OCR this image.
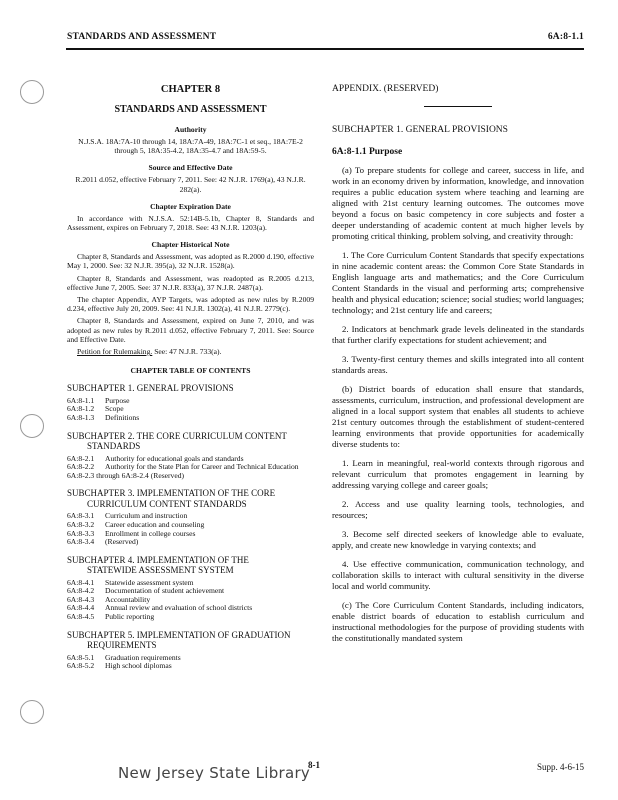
STANDARDS AND ASSESSMENT	6A:8-1.1

CHAPTER 8

STANDARDS AND ASSESSMENT

Authority

N.J.S.A. 18A:7A-10 through 14, 18A:7A-49, 18A:7C-1 et seq., 18A:7E-2 through 5, 18A:35-4.2, 18A:35-4.7 and 18A:59-5.

Source and Effective Date

R.2011 d.052, effective February 7, 2011. See: 42 N.J.R. 1769(a), 43 N.J.R. 282(a).

Chapter Expiration Date

In accordance with N.J.S.A. 52:14B-5.1b, Chapter 8, Standards and Assessment, expires on February 7, 2018. See: 43 N.J.R. 1203(a).

Chapter Historical Note

Chapter 8, Standards and Assessment, was adopted as R.2000 d.190, effective May 1, 2000. See: 32 N.J.R. 395(a), 32 N.J.R. 1528(a).

Chapter 8, Standards and Assessment, was readopted as R.2005 d.213, effective June 7, 2005. See: 37 N.J.R. 833(a), 37 N.J.R. 2487(a).

The chapter Appendix, AYP Targets, was adopted as new rules by R.2009 d.234, effective July 20, 2009. See: 41 N.J.R. 1302(a), 41 N.J.R. 2779(c).

Chapter 8, Standards and Assessment, expired on June 7, 2010, and was adopted as new rules by R.2011 d.052, effective February 7, 2011. See: Source and Effective Date.

Petition for Rulemaking. See: 47 N.J.R. 733(a).

CHAPTER TABLE OF CONTENTS

SUBCHAPTER 1. GENERAL PROVISIONS
6A:8-1.1	Purpose
6A:8-1.2	Scope
6A:8-1.3	Definitions
SUBCHAPTER 2. THE CORE CURRICULUM CONTENT
STANDARDS
6A:8-2.1	Authority for educational goals and standards
6A:8-2.2	Authority for the State Plan for Career and Technical Education
6A:8-2.3 through 6A:8-2.4 (Reserved)
SUBCHAPTER 3. IMPLEMENTATION OF THE CORE
CURRICULUM CONTENT STANDARDS
6A:8-3.1	Curriculum and instruction
6A:8-3.2	Career education and counseling
6A:8-3.3	Enrollment in college courses
6A:8-3.4	(Reserved)
SUBCHAPTER 4. IMPLEMENTATION OF THE
STATEWIDE ASSESSMENT SYSTEM
6A:8-4.1	Statewide assessment system
6A:8-4.2	Documentation of student achievement
6A:8-4.3	Accountability
6A:8-4.4	Annual review and evaluation of school districts
6A:8-4.5	Public reporting
SUBCHAPTER 5. IMPLEMENTATION OF GRADUATION
REQUIREMENTS
6A:8-5.1	Graduation requirements
6A:8-5.2	High school diplomas

APPENDIX. (RESERVED)

SUBCHAPTER 1. GENERAL PROVISIONS

6A:8-1.1 Purpose

(a) To prepare students for college and career, success in life, and work in an economy driven by information, knowledge, and innovation requires a public education system where teaching and learning are aligned with 21st century learning outcomes. The outcomes move beyond a focus on basic competency in core subjects and foster a deeper understanding of academic content at much higher levels by promoting critical thinking, problem solving, and creativity through:

1. The Core Curriculum Content Standards that specify expectations in nine academic content areas: the Common Core State Standards in English language arts and mathematics; and the Core Curriculum Content Standards in the visual and performing arts; comprehensive health and physical education; science; social studies; world languages; technology; and 21st century life and careers;

2. Indicators at benchmark grade levels delineated in the standards that further clarify expectations for student achievement; and

3. Twenty-first century themes and skills integrated into all content standards areas.

(b) District boards of education shall ensure that standards, assessments, curriculum, instruction, and professional development are aligned in a local support system that enables all students to achieve 21st century outcomes through the establishment of student-centered learning environments that provide opportunities for academically diverse students to:

1. Learn in meaningful, real-world contexts through rigorous and relevant curriculum that promotes engagement in learning by addressing varying college and career goals;

2. Access and use quality learning tools, technologies, and resources;

3. Become self directed seekers of knowledge able to evaluate, apply, and create new knowledge in varying contexts; and

4. Use effective communication, communication technology, and collaboration skills to interact with cultural sensitivity in the diverse local and world community.

(c) The Core Curriculum Content Standards, including indicators, enable district boards of education to establish curriculum and instructional methodologies for the purpose of providing students with the constitutionally mandated system

New Jersey State Library
8-1	Supp. 4-6-15
